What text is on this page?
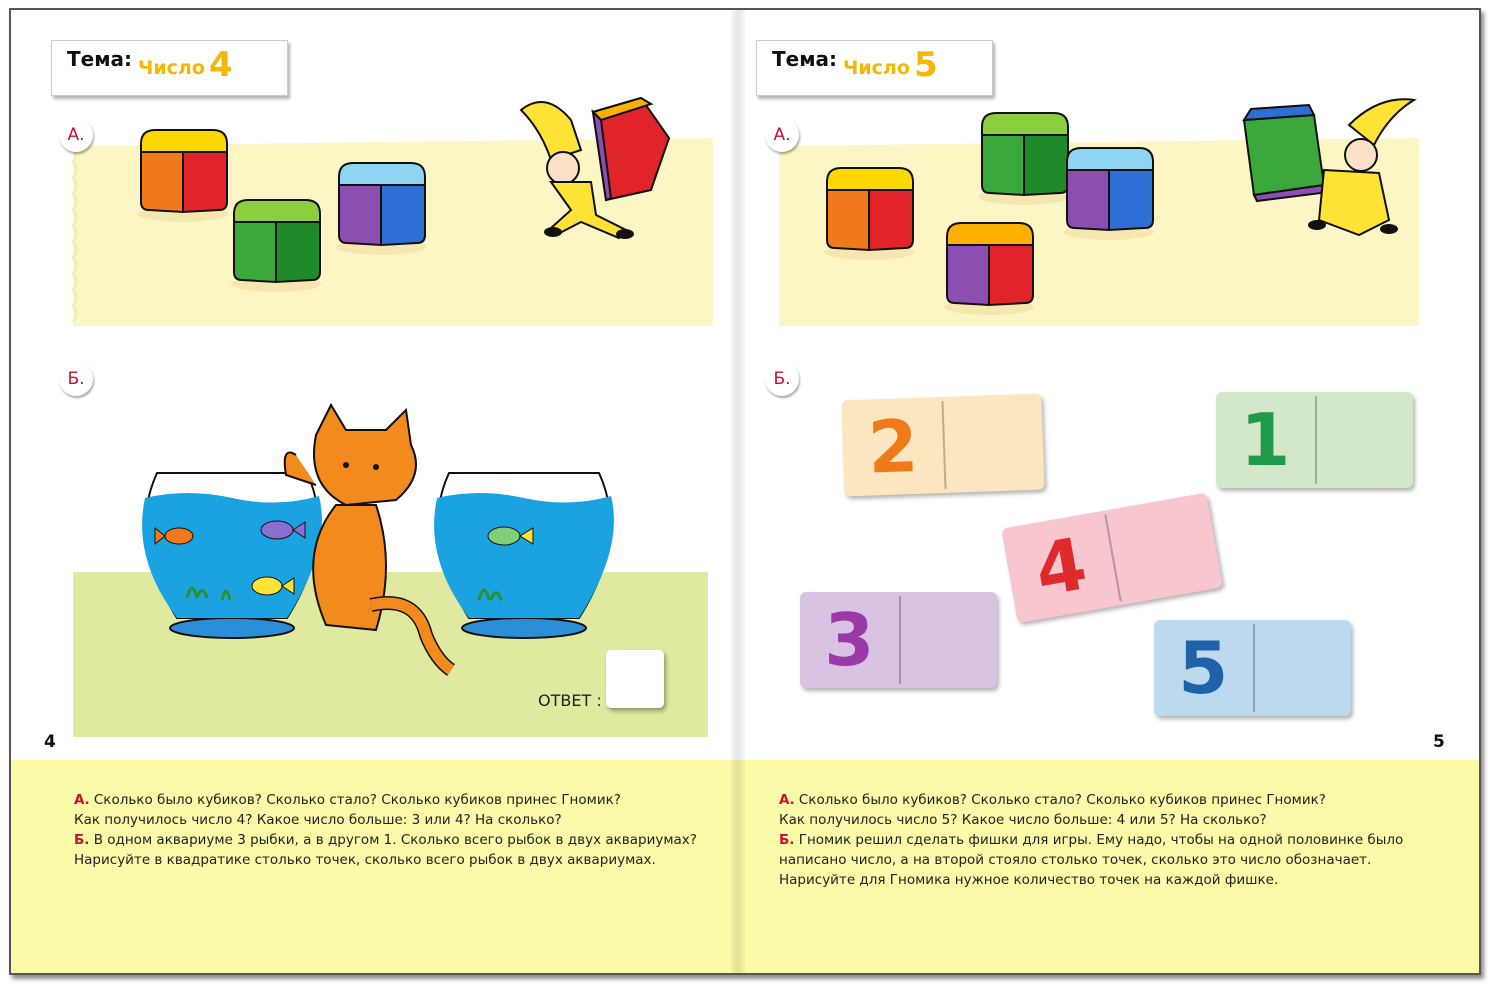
Тема: Число 4
А.
Б.
ОТВЕТ :
4
Тема: Число 5
А.
Б.
2	1
4
3	5
5
А. Сколько было кубиков? Сколько стало? Сколько кубиков принес Гномик?
Как получилось число 4? Какое число больше: 3 или 4? На сколько?
Б. В одном аквариуме 3 рыбки, а в другом 1. Сколько всего рыбок в двух аквариумах?
Нарисуйте в квадратике столько точек, сколько всего рыбок в двух аквариумах.
А. Сколько было кубиков? Сколько стало? Сколько кубиков принес Гномик?
Как получилось число 5? Какое число больше: 4 или 5? На сколько?
Б. Гномик решил сделать фишки для игры. Ему надо, чтобы на одной половинке было
написано число, а на второй стояло столько точек, сколько это число обозначает.
Нарисуйте для Гномика нужное количество точек на каждой фишке.
